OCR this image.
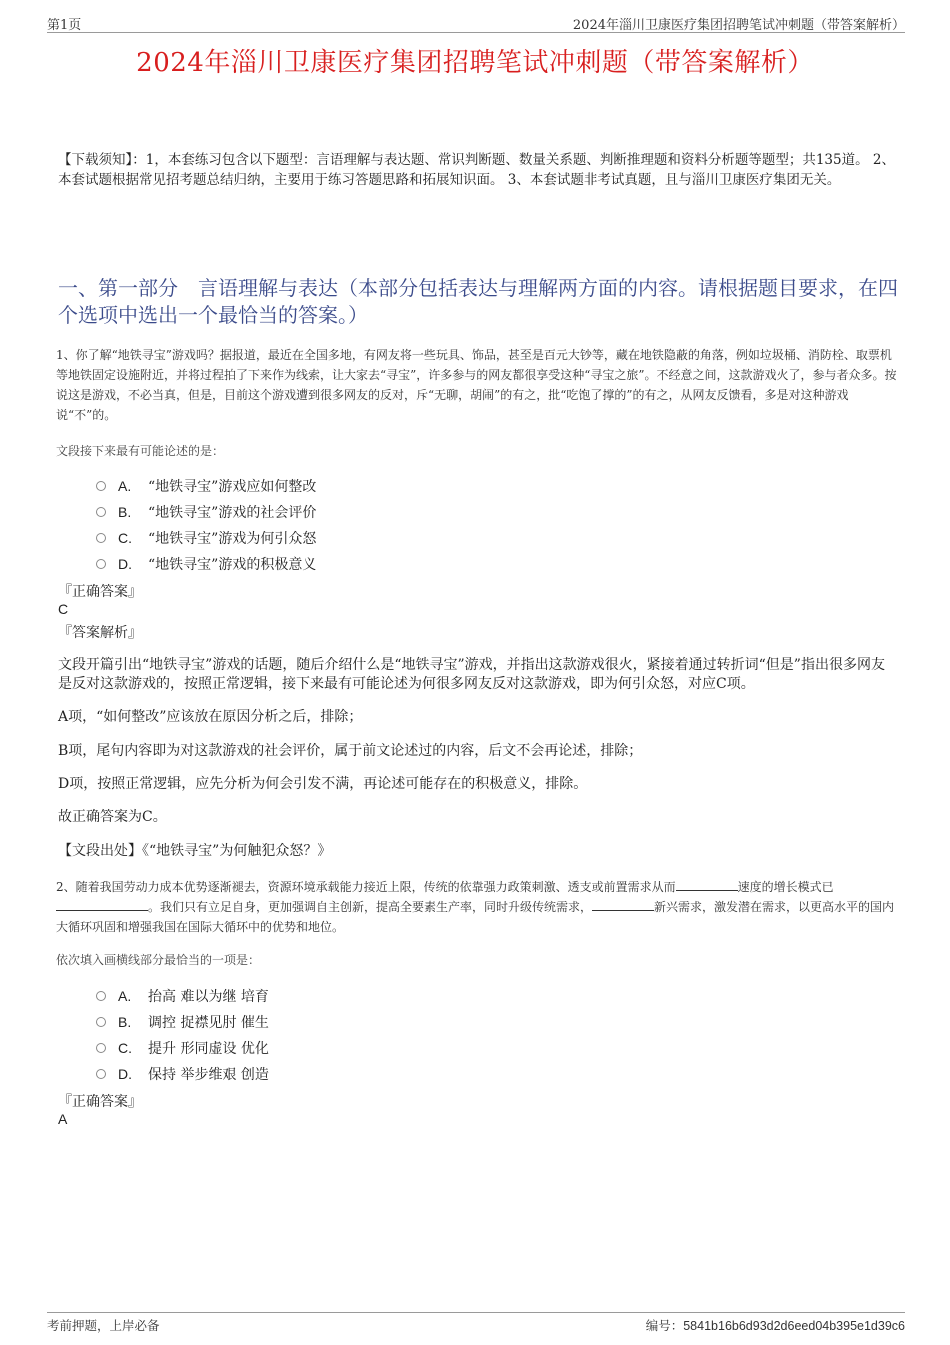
第1页	2024年淄川卫康医疗集团招聘笔试冲刺题（带答案解析）
2024年淄川卫康医疗集团招聘笔试冲刺题（带答案解析）
【下载须知】：1，本套练习包含以下题型：言语理解与表达题、常识判断题、数量关系题、判断推理题和资料分析题等题型；共135道。 2、本套试题根据常见招考题总结归纳，主要用于练习答题思路和拓展知识面。 3、本套试题非考试真题，且与淄川卫康医疗集团无关。
一、第一部分　言语理解与表达（本部分包括表达与理解两方面的内容。请根据题目要求，在四个选项中选出一个最恰当的答案。）
1、你了解“地铁寻宝”游戏吗？据报道，最近在全国多地，有网友将一些玩具、饰品，甚至是百元大钞等，藏在地铁隐蔽的角落，例如垃圾桶、消防栓、取票机等地铁固定设施附近，并将过程拍了下来作为线索，让大家去“寻宝”，许多参与的网友都很享受这种“寻宝之旅”。不经意之间，这款游戏火了，参与者众多。按说这是游戏，不必当真，但是，目前这个游戏遭到很多网友的反对，斥“无聊，胡闹”的有之，批“吃饱了撑的”的有之，从网友反馈看，多是对这种游戏说“不”的。
文段接下来最有可能论述的是：
A.	“地铁寻宝”游戏应如何整改
B.	“地铁寻宝”游戏的社会评价
C.	“地铁寻宝”游戏为何引众怒
D.	“地铁寻宝”游戏的积极意义
『正确答案』
C
『答案解析』
文段开篇引出“地铁寻宝”游戏的话题，随后介绍什么是“地铁寻宝”游戏，并指出这款游戏很火，紧接着通过转折词“但是”指出很多网友是反对这款游戏的，按照正常逻辑，接下来最有可能论述为何很多网友反对这款游戏，即为何引众怒，对应C项。
A项，“如何整改”应该放在原因分析之后，排除；
B项，尾句内容即为对这款游戏的社会评价，属于前文论述过的内容，后文不会再论述，排除；
D项，按照正常逻辑，应先分析为何会引发不满，再论述可能存在的积极意义，排除。
故正确答案为C。
【文段出处】《“地铁寻宝”为何触犯众怒？》
2、随着我国劳动力成本优势逐渐褪去，资源环境承载能力接近上限，传统的依靠强力政策刺激、透支或前置需求从而	速度的增长模式已。我们只有立足自身，更加强调自主创新，提高全要素生产率，同时升级传统需求，	新兴需求，激发潜在需求，以更高水平的国内大循环巩固和增强我国在国际大循环中的优势和地位。
依次填入画横线部分最恰当的一项是：
A.	抬高 难以为继 培育
B.	调控 捉襟见肘 催生
C.	提升 形同虚设 优化
D.	保持 举步维艰 创造
『正确答案』
A
考前押题，上岸必备	编号：5841b16b6d93d2d6eed04b395e1d39c6
